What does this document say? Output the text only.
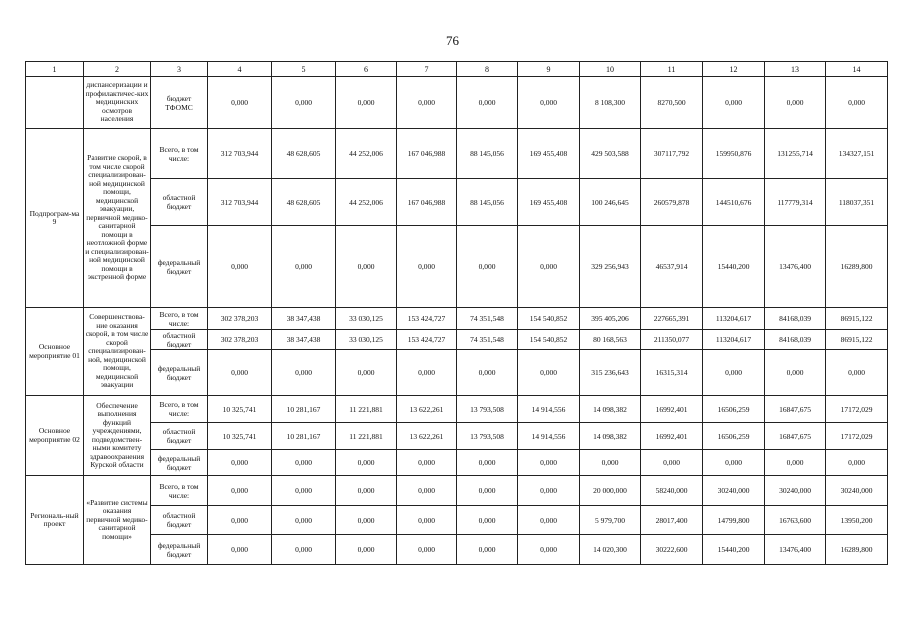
76
1	2	3	4	5	6	7	8	9	10	11	12	13	14
	диспансеризации и профилактичес-ких медицинских осмотров населения	бюджет ТФОМС	0,000	0,000	0,000	0,000	0,000	0,000	8 108,300	8270,500	0,000	0,000	0,000
Подпрограм-ма 9	Развитие скорой, в том числе скорой специализирован-ной медицинской помощи, медицинской эвакуации, первичной медико-санитарной помощи в неотложной форме и специализирован-ной медицинской помощи в экстренной форме	Всего, в том числе:	312 703,944	48 628,605	44 252,006	167 046,988	88 145,056	169 455,408	429 503,588	307117,792	159950,876	131255,714	134327,151
		областной бюджет	312 703,944	48 628,605	44 252,006	167 046,988	88 145,056	169 455,408	100 246,645	260579,878	144510,676	117779,314	118037,351
		федеральный бюджет	0,000	0,000	0,000	0,000	0,000	0,000	329 256,943	46537,914	15440,200	13476,400	16289,800
Основное мероприятие 01	Совершенствова-ние оказания скорой, в том числе скорой специализирован-ной, медицинской помощи, медицинской эвакуации	Всего, в том числе:	302 378,203	38 347,438	33 030,125	153 424,727	74 351,548	154 540,852	395 405,206	227665,391	113204,617	84168,039	86915,122
		областной бюджет	302 378,203	38 347,438	33 030,125	153 424,727	74 351,548	154 540,852	80 168,563	211350,077	113204,617	84168,039	86915,122
		федеральный бюджет	0,000	0,000	0,000	0,000	0,000	0,000	315 236,643	16315,314	0,000	0,000	0,000
Основное мероприятие 02	Обеспечение выполнения функций учреждениями, подведомствен-ными комитету здравоохранения Курской области	Всего, в том числе:	10 325,741	10 281,167	11 221,881	13 622,261	13 793,508	14 914,556	14 098,382	16992,401	16506,259	16847,675	17172,029
		областной бюджет	10 325,741	10 281,167	11 221,881	13 622,261	13 793,508	14 914,556	14 098,382	16992,401	16506,259	16847,675	17172,029
		федеральный бюджет	0,000	0,000	0,000	0,000	0,000	0,000	0,000	0,000	0,000	0,000	0,000
Региональ-ный проект	«Развитие системы оказания первичной медико-санитарной помощи»	Всего, в том числе:	0,000	0,000	0,000	0,000	0,000	0,000	20 000,000	58240,000	30240,000	30240,000	30240,000
		областной бюджет	0,000	0,000	0,000	0,000	0,000	0,000	5 979,700	28017,400	14799,800	16763,600	13950,200
		федеральный бюджет	0,000	0,000	0,000	0,000	0,000	0,000	14 020,300	30222,600	15440,200	13476,400	16289,800
